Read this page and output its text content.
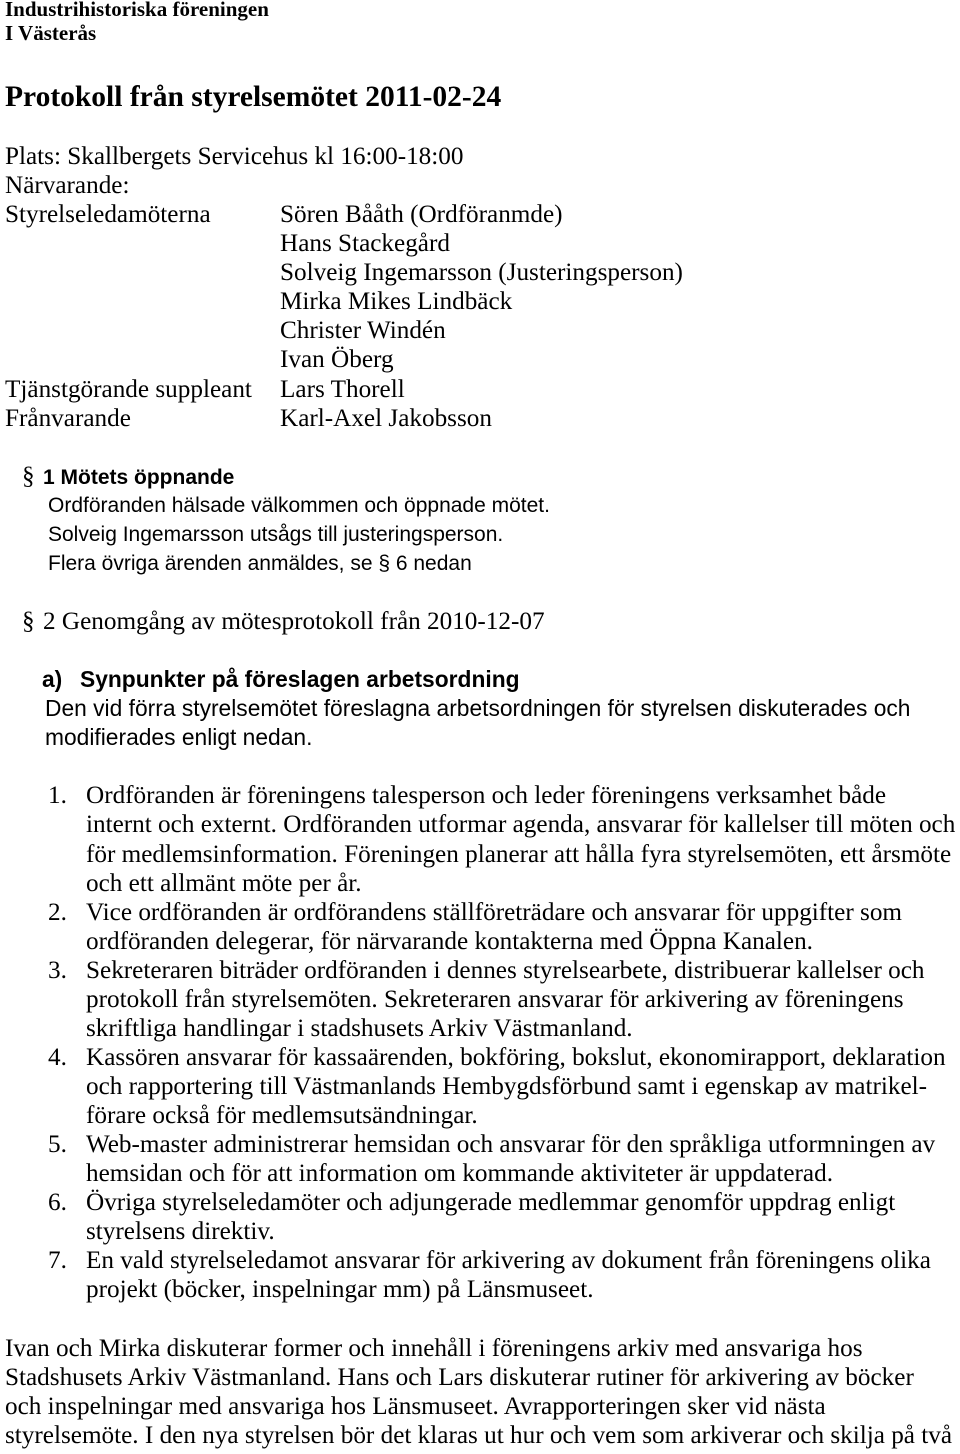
Industrihistoriska föreningen
I Västerås
Protokoll från styrelsemötet 2011-02-24
Plats: Skallbergets Servicehus kl 16:00-18:00
Närvarande:
Styrelseledamöterna	Sören Bååth (Ordföranmde)
Hans Stackegård
Solveig Ingemarsson (Justeringsperson)
Mirka Mikes Lindbäck
Christer Windén
Ivan Öberg
Tjänstgörande suppleant	Lars Thorell
Frånvarande	Karl-Axel Jakobsson
§ 1 Mötets öppnande
Ordföranden hälsade välkommen och öppnade mötet.
Solveig Ingemarsson utsågs till justeringsperson.
Flera övriga ärenden anmäldes, se § 6 nedan
§ 2 Genomgång av mötesprotokoll från 2010-12-07
a) Synpunkter på föreslagen arbetsordning
Den vid förra styrelsemötet föreslagna arbetsordningen för styrelsen diskuterades och
modifierades enligt nedan.
1. Ordföranden är föreningens talesperson och leder föreningens verksamhet både
internt och externt. Ordföranden utformar agenda, ansvarar för kallelser till möten och
för medlemsinformation. Föreningen planerar att hålla fyra styrelsemöten, ett årsmöte
och ett allmänt möte per år.
2. Vice ordföranden är ordförandens ställföreträdare och ansvarar för uppgifter som
ordföranden delegerar, för närvarande kontakterna med Öppna Kanalen.
3. Sekreteraren biträder ordföranden i dennes styrelsearbete, distribuerar kallelser och
protokoll från styrelsemöten. Sekreteraren ansvarar för arkivering av föreningens
skriftliga handlingar i stadshusets Arkiv Västmanland.
4. Kassören ansvarar för kassaärenden, bokföring, bokslut, ekonomirapport, deklaration
och rapportering till Västmanlands Hembygdsförbund samt i egenskap av matrikel-
förare också för medlemsutsändningar.
5. Web-master administrerar hemsidan och ansvarar för den språkliga utformningen av
hemsidan och för att information om kommande aktiviteter är uppdaterad.
6. Övriga styrelseledamöter och adjungerade medlemmar genomför uppdrag enligt
styrelsens direktiv.
7. En vald styrelseledamot ansvarar för arkivering av dokument från föreningens olika
projekt (böcker, inspelningar mm) på Länsmuseet.
Ivan och Mirka diskuterar former och innehåll i föreningens arkiv med ansvariga hos
Stadshusets Arkiv Västmanland. Hans och Lars diskuterar rutiner för arkivering av böcker
och inspelningar med ansvariga hos Länsmuseet. Avrapporteringen sker vid nästa
styrelsemöte. I den nya styrelsen bör det klaras ut hur och vem som arkiverar och skilja på två
